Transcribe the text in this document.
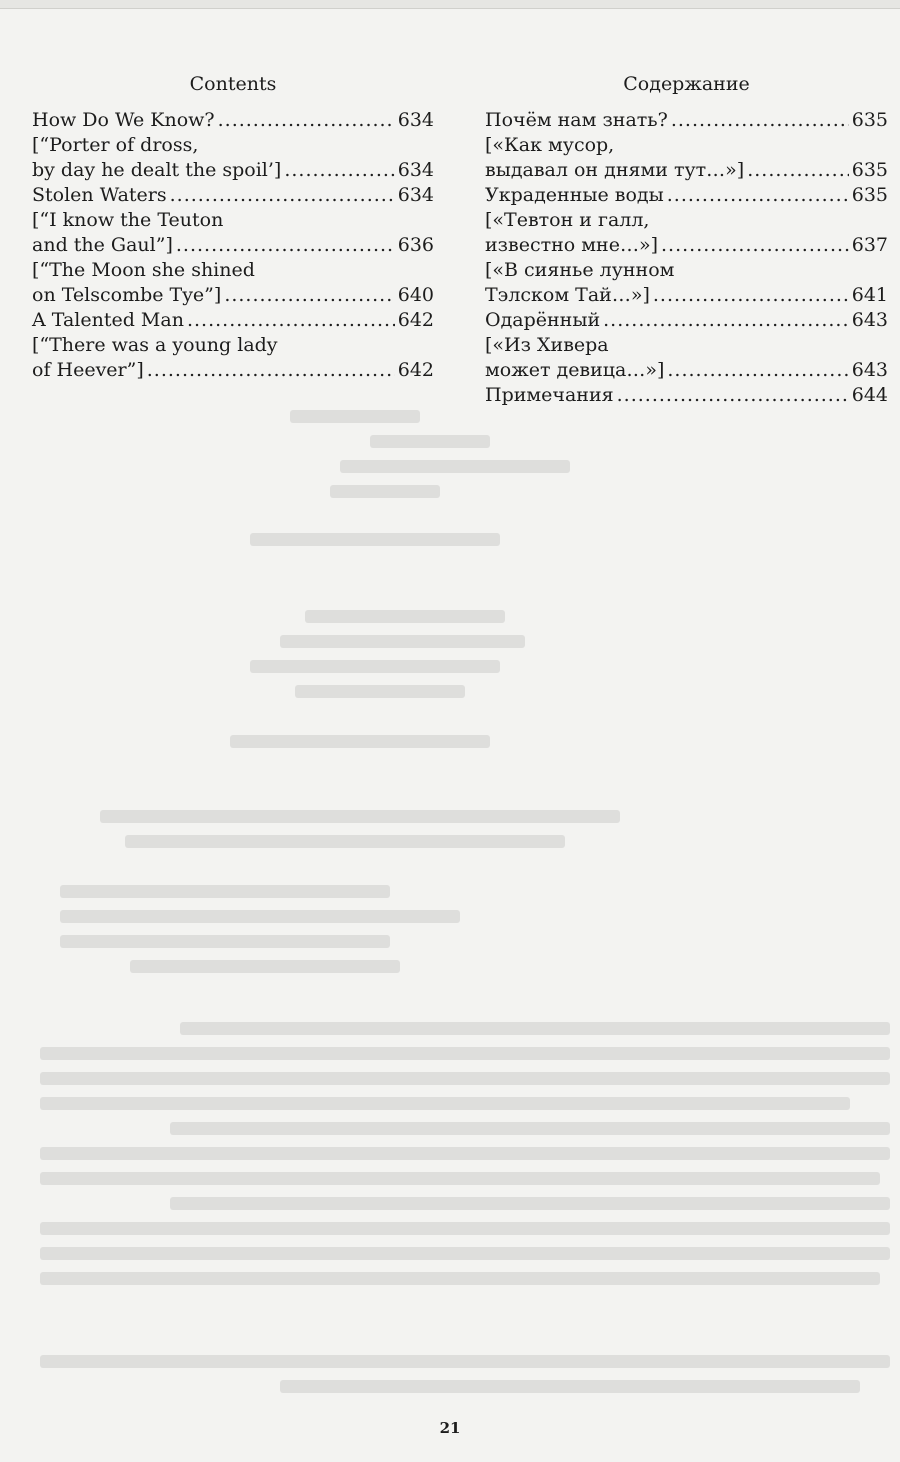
Contents
How Do We Know? .....	634
[“Porter of dross,
by day he dealt the spoil’] .....	634
Stolen Waters .....	634
[“I know the Teuton
and the Gaul”] .....	636
[“The Moon she shined
on Telscombe Tye”] .....	640
A Talented Man .....	642
[“There was a young lady
of Heever”] .....	642
Содержание
Почём нам знать? .....	635
[«Как мусор,
выдавал он днями тут…»] .....	635
Украденные воды .....	635
[«Тевтон и галл,
известно мне…»] .....	637
[«В сиянье лунном
Тэлском Тай…»] .....	641
Одарённый .....	643
[«Из Хивера
может девица…»] .....	643
Примечания .....	644
21
